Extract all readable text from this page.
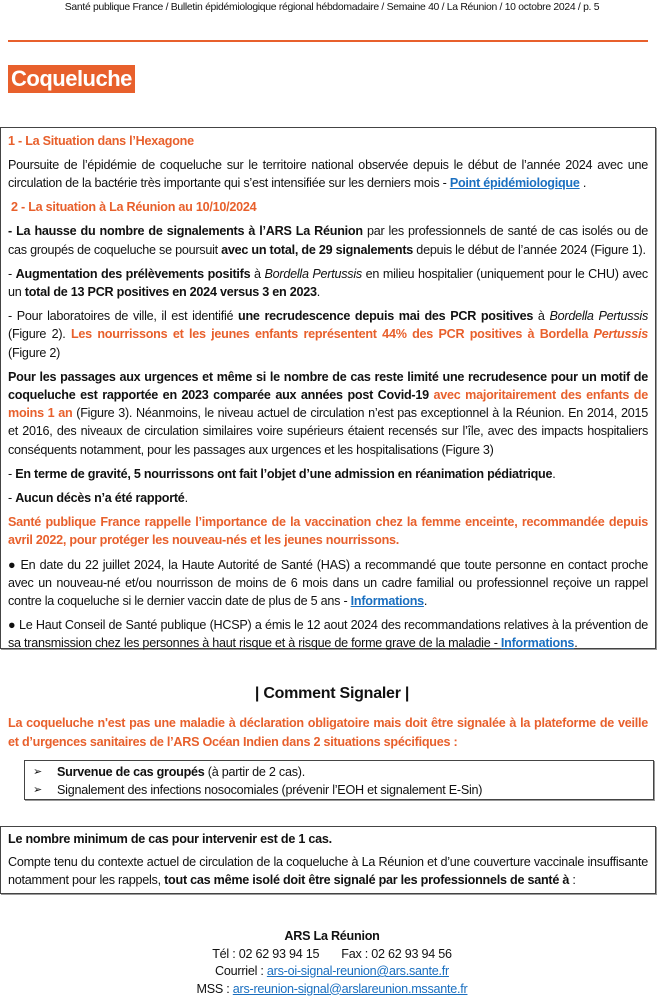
Santé publique France / Bulletin épidémiologique régional hébdomadaire / Semaine 40 / La Réunion / 10 octobre 2024 / p. 5
Coqueluche
1 - La Situation dans l’Hexagone
Poursuite de l’épidémie de coqueluche sur le territoire national observée depuis le début de l’année 2024 avec une circulation de la bactérie très importante qui s’est intensifiée sur les derniers mois - Point épidémiologique .
2 - La situation à La Réunion au 10/10/2024
- La hausse du nombre de signalements à l’ARS La Réunion par les professionnels de santé de cas isolés ou de cas groupés de coqueluche se poursuit avec un total, de 29 signalements depuis le début de l’année 2024 (Figure 1).
- Augmentation des prélèvements positifs à Bordella Pertussis en milieu hospitalier (uniquement pour le CHU) avec un total de 13 PCR positives en 2024 versus 3 en 2023.
- Pour laboratoires de ville, il est identifié une recrudescence depuis mai des PCR positives à Bordella Pertussis (Figure 2). Les nourrissons et les jeunes enfants représentent 44% des PCR positives à Bordella Pertussis (Figure 2)
Pour les passages aux urgences et même si le nombre de cas reste limité une recrudesence pour un motif de coqueluche est rapportée en 2023 comparée aux années post Covid-19 avec majoritairement des enfants de moins 1 an (Figure 3). Néanmoins, le niveau actuel de circulation n’est pas exceptionnel à la Réunion. En 2014, 2015 et 2016, des niveaux de circulation similaires voire supérieurs étaient recensés sur l’île, avec des impacts hospitaliers conséquents notamment, pour les passages aux urgences et les hospitalisations (Figure 3)
- En terme de gravité, 5 nourrissons ont fait l’objet d’une admission en réanimation pédiatrique.
- Aucun décès n’a été rapporté.
Santé publique France rappelle l’importance de la vaccination chez la femme enceinte, recommandée depuis avril 2022, pour protéger les nouveau-nés et les jeunes nourrissons.
● En date du 22 juillet 2024, la Haute Autorité de Santé (HAS) a recommandé que toute personne en contact proche avec un nouveau-né et/ou nourrisson de moins de 6 mois dans un cadre familial ou professionnel reçoive un rappel contre la coqueluche si le dernier vaccin date de plus de 5 ans - Informations.
● Le Haut Conseil de Santé publique (HCSP) a émis le 12 aout 2024 des recommandations relatives à la prévention de sa transmission chez les personnes à haut risque et à risque de forme grave de la maladie - Informations.
| Comment Signaler |
La coqueluche n'est pas une maladie à déclaration obligatoire mais doit être signalée à la plateforme de veille et d’urgences sanitaires de l’ARS Océan Indien dans 2 situations spécifiques :
➢	Survenue de cas groupés (à partir de 2 cas).
➢	Signalement des infections nosocomiales (prévenir l’EOH et signalement E-Sin)
Le nombre minimum de cas pour intervenir est de 1 cas.
Compte tenu du contexte actuel de circulation de la coqueluche à La Réunion et d’une couverture vaccinale insuffisante notamment pour les rappels, tout cas même isolé doit être signalé par les professionnels de santé à :
ARS La Réunion
Tél : 02 62 93 94 15 Fax : 02 62 93 94 56
Courriel : ars-oi-signal-reunion@ars.sante.fr
MSS : ars-reunion-signal@arslareunion.mssante.fr
